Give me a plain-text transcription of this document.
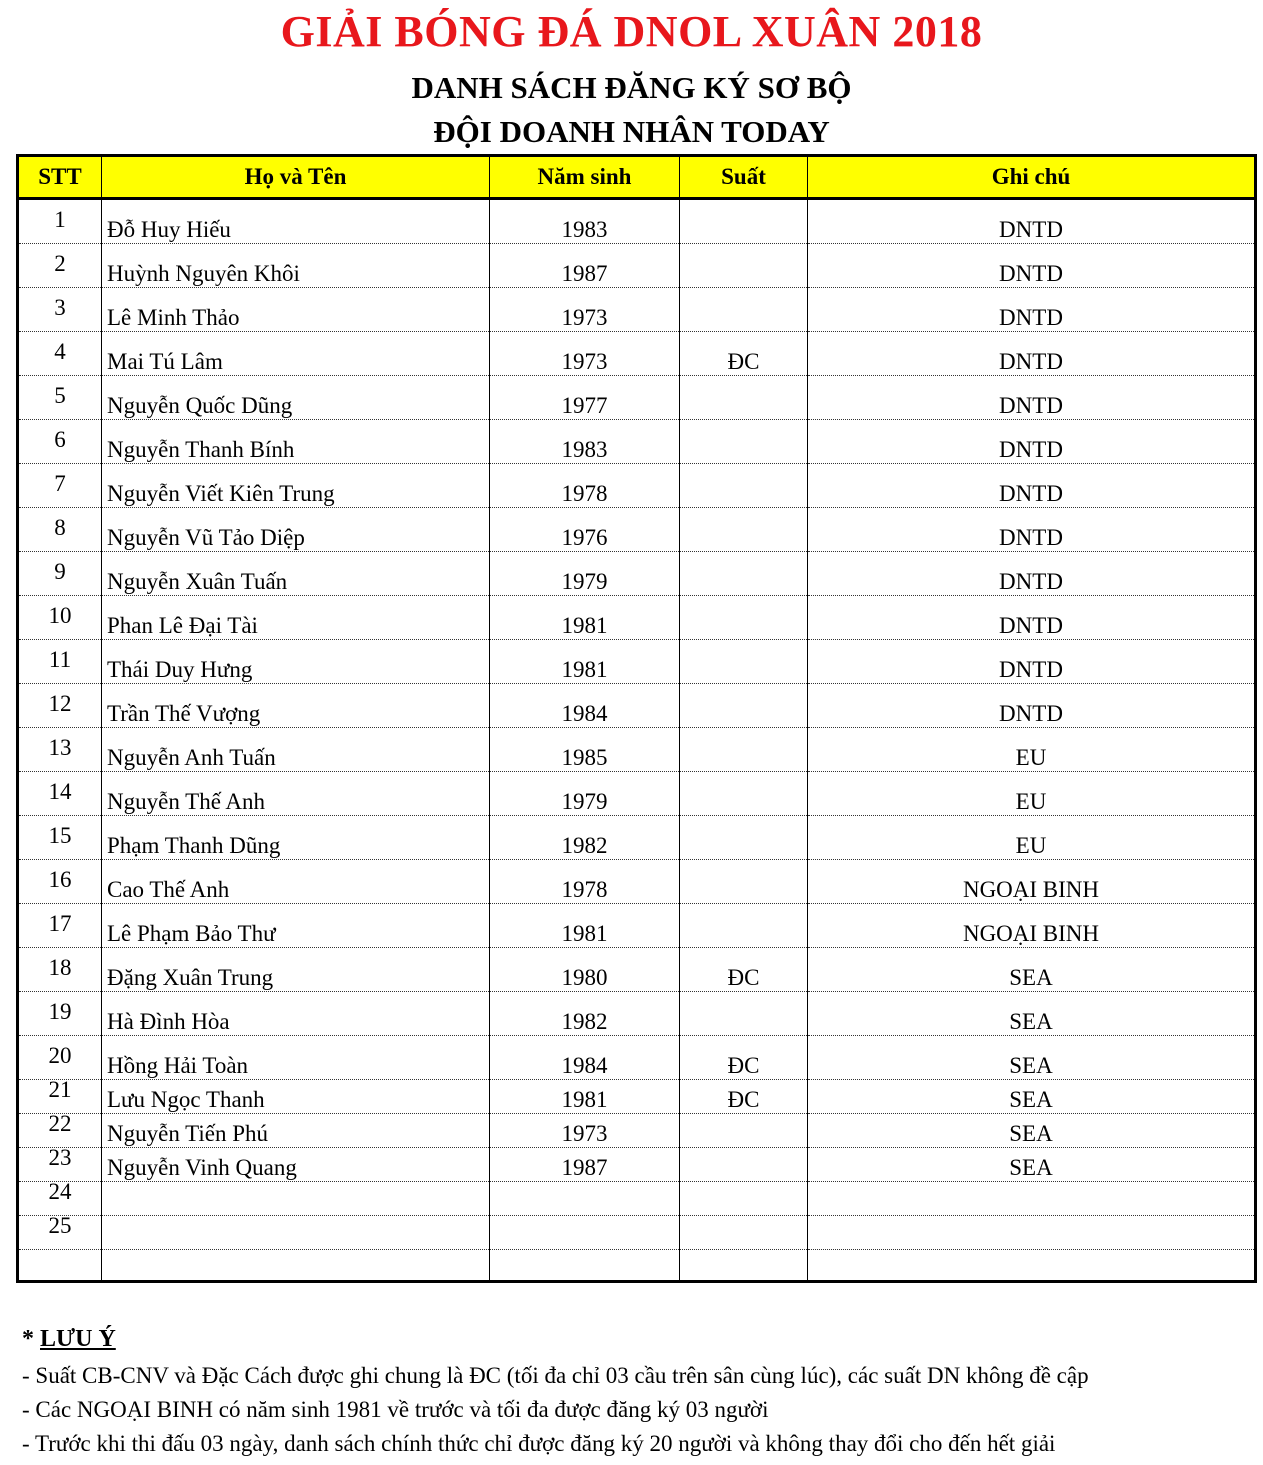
GIẢI BÓNG ĐÁ DNOL XUÂN 2018
DANH SÁCH ĐĂNG KÝ SƠ BỘ
ĐỘI DOANH NHÂN TODAY
STT	Họ và Tên	Năm sinh	Suất	Ghi chú
1	Đỗ Huy Hiếu	1983		DNTD
2	Huỳnh Nguyên Khôi	1987		DNTD
3	Lê Minh Thảo	1973		DNTD
4	Mai Tú Lâm	1973	ĐC	DNTD
5	Nguyễn Quốc Dũng	1977		DNTD
6	Nguyễn Thanh Bính	1983		DNTD
7	Nguyễn Viết Kiên Trung	1978		DNTD
8	Nguyễn Vũ Tảo Diệp	1976		DNTD
9	Nguyễn Xuân Tuấn	1979		DNTD
10	Phan Lê Đại Tài	1981		DNTD
11	Thái Duy Hưng	1981		DNTD
12	Trần Thế Vượng	1984		DNTD
13	Nguyễn Anh Tuấn	1985		EU
14	Nguyễn Thế Anh	1979		EU
15	Phạm Thanh Dũng	1982		EU
16	Cao Thế Anh	1978		NGOẠI BINH
17	Lê Phạm Bảo Thư	1981		NGOẠI BINH
18	Đặng Xuân Trung	1980	ĐC	SEA
19	Hà Đình Hòa	1982		SEA
20	Hồng Hải Toàn	1984	ĐC	SEA
21	Lưu Ngọc Thanh	1981	ĐC	SEA
22	Nguyễn Tiến Phú	1973		SEA
23	Nguyễn Vinh Quang	1987		SEA
24				
25				

* LƯU Ý
- Suất CB-CNV và Đặc Cách được ghi chung là ĐC (tối đa chỉ 03 cầu trên sân cùng lúc), các suất DN không đề cập
- Các NGOẠI BINH có năm sinh 1981 về trước và tối đa được đăng ký 03 người
- Trước khi thi đấu 03 ngày, danh sách chính thức chỉ được đăng ký 20 người và không thay đổi cho đến hết giải
